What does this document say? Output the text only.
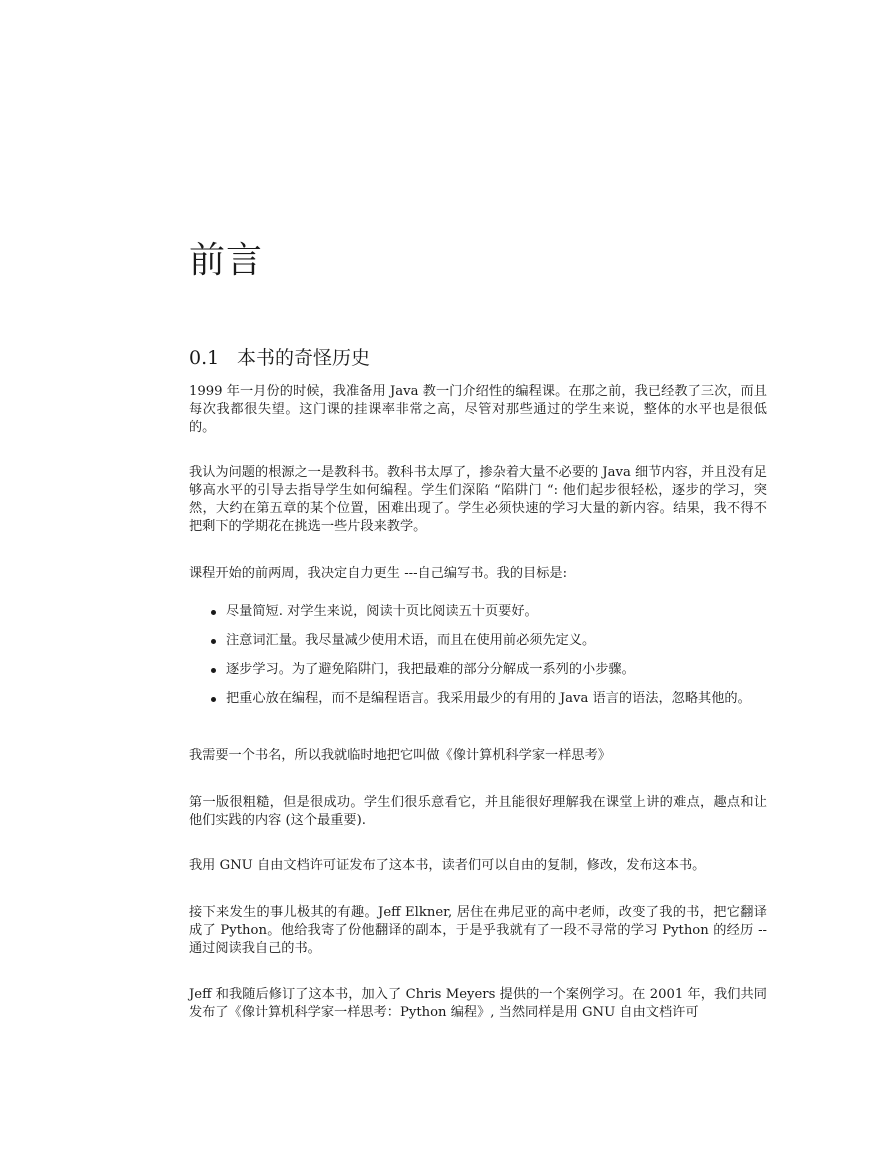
前言
0.1 本书的奇怪历史

1999 年一月份的时候，我准备用 Java 教一门介绍性的编程课。在那之前，我已经教了三次，而且每次我都很失望。这门课的挂课率非常之高，尽管对那些通过的学生来说，整体的水平也是很低的。

我认为问题的根源之一是教科书。教科书太厚了，掺杂着大量不必要的 Java 细节内容，并且没有足够高水平的引导去指导学生如何编程。学生们深陷 “陷阱门 “: 他们起步很轻松，逐步的学习，突然，大约在第五章的某个位置，困难出现了。学生必须快速的学习大量的新内容。结果，我不得不把剩下的学期花在挑选一些片段来教学。

课程开始的前两周，我决定自力更生 ---自己编写书。我的目标是:

尽量简短. 对学生来说，阅读十页比阅读五十页要好。
注意词汇量。我尽量减少使用术语，而且在使用前必须先定义。
逐步学习。为了避免陷阱门，我把最难的部分分解成一系列的小步骤。
把重心放在编程，而不是编程语言。我采用最少的有用的 Java 语言的语法，忽略其他的。

我需要一个书名，所以我就临时地把它叫做《像计算机科学家一样思考》

第一版很粗糙，但是很成功。学生们很乐意看它，并且能很好理解我在课堂上讲的难点，趣点和让他们实践的内容 (这个最重要).

我用 GNU 自由文档许可证发布了这本书，读者们可以自由的复制，修改，发布这本书。

接下来发生的事儿极其的有趣。Jeff Elkner, 居住在弗尼亚的高中老师，改变了我的书，把它翻译成了 Python。他给我寄了份他翻译的副本，于是乎我就有了一段不寻常的学习 Python 的经历 --通过阅读我自己的书。

Jeff 和我随后修订了这本书，加入了 Chris Meyers 提供的一个案例学习。在 2001 年，我们共同发布了《像计算机科学家一样思考：Python 编程》, 当然同样是用 GNU 自由文档许可
